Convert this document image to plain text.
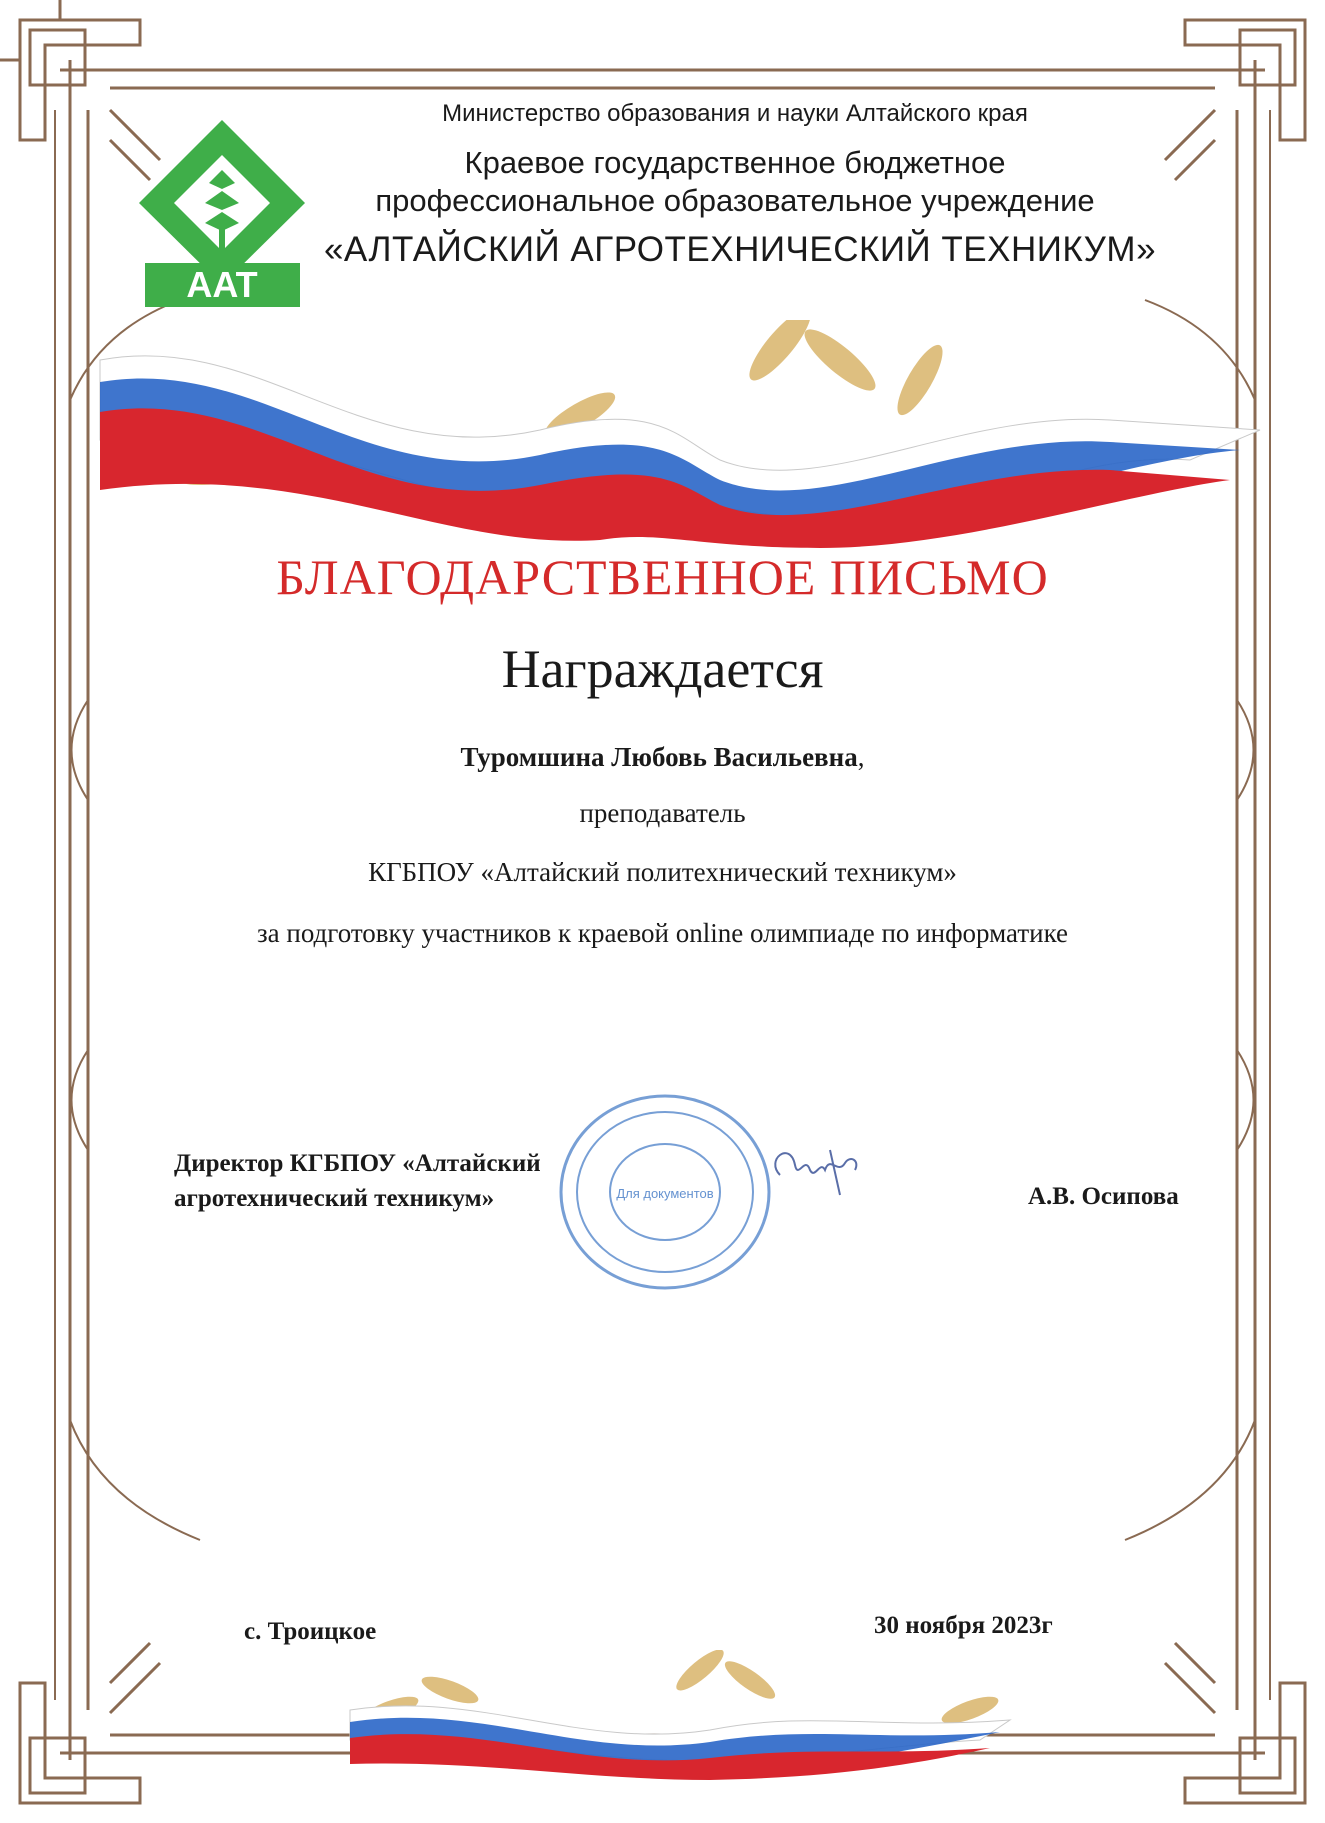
AAT
Министерство образования и науки Алтайского края
Краевое государственное бюджетное
профессиональное образовательное учреждение
«АЛТАЙСКИЙ АГРОТЕХНИЧЕСКИЙ ТЕХНИКУМ»
БЛАГОДАРСТВЕННОЕ ПИСЬМО
Награждается
Туромшина Любовь Васильевна,
преподаватель
КГБПОУ «Алтайский политехнический техникум»
за подготовку участников к краевой online олимпиаде по информатике
Для документов
Директор КГБПОУ «Алтайский
агротехнический техникум»	А.В. Осипова
с. Троицкое	30 ноября 2023г
